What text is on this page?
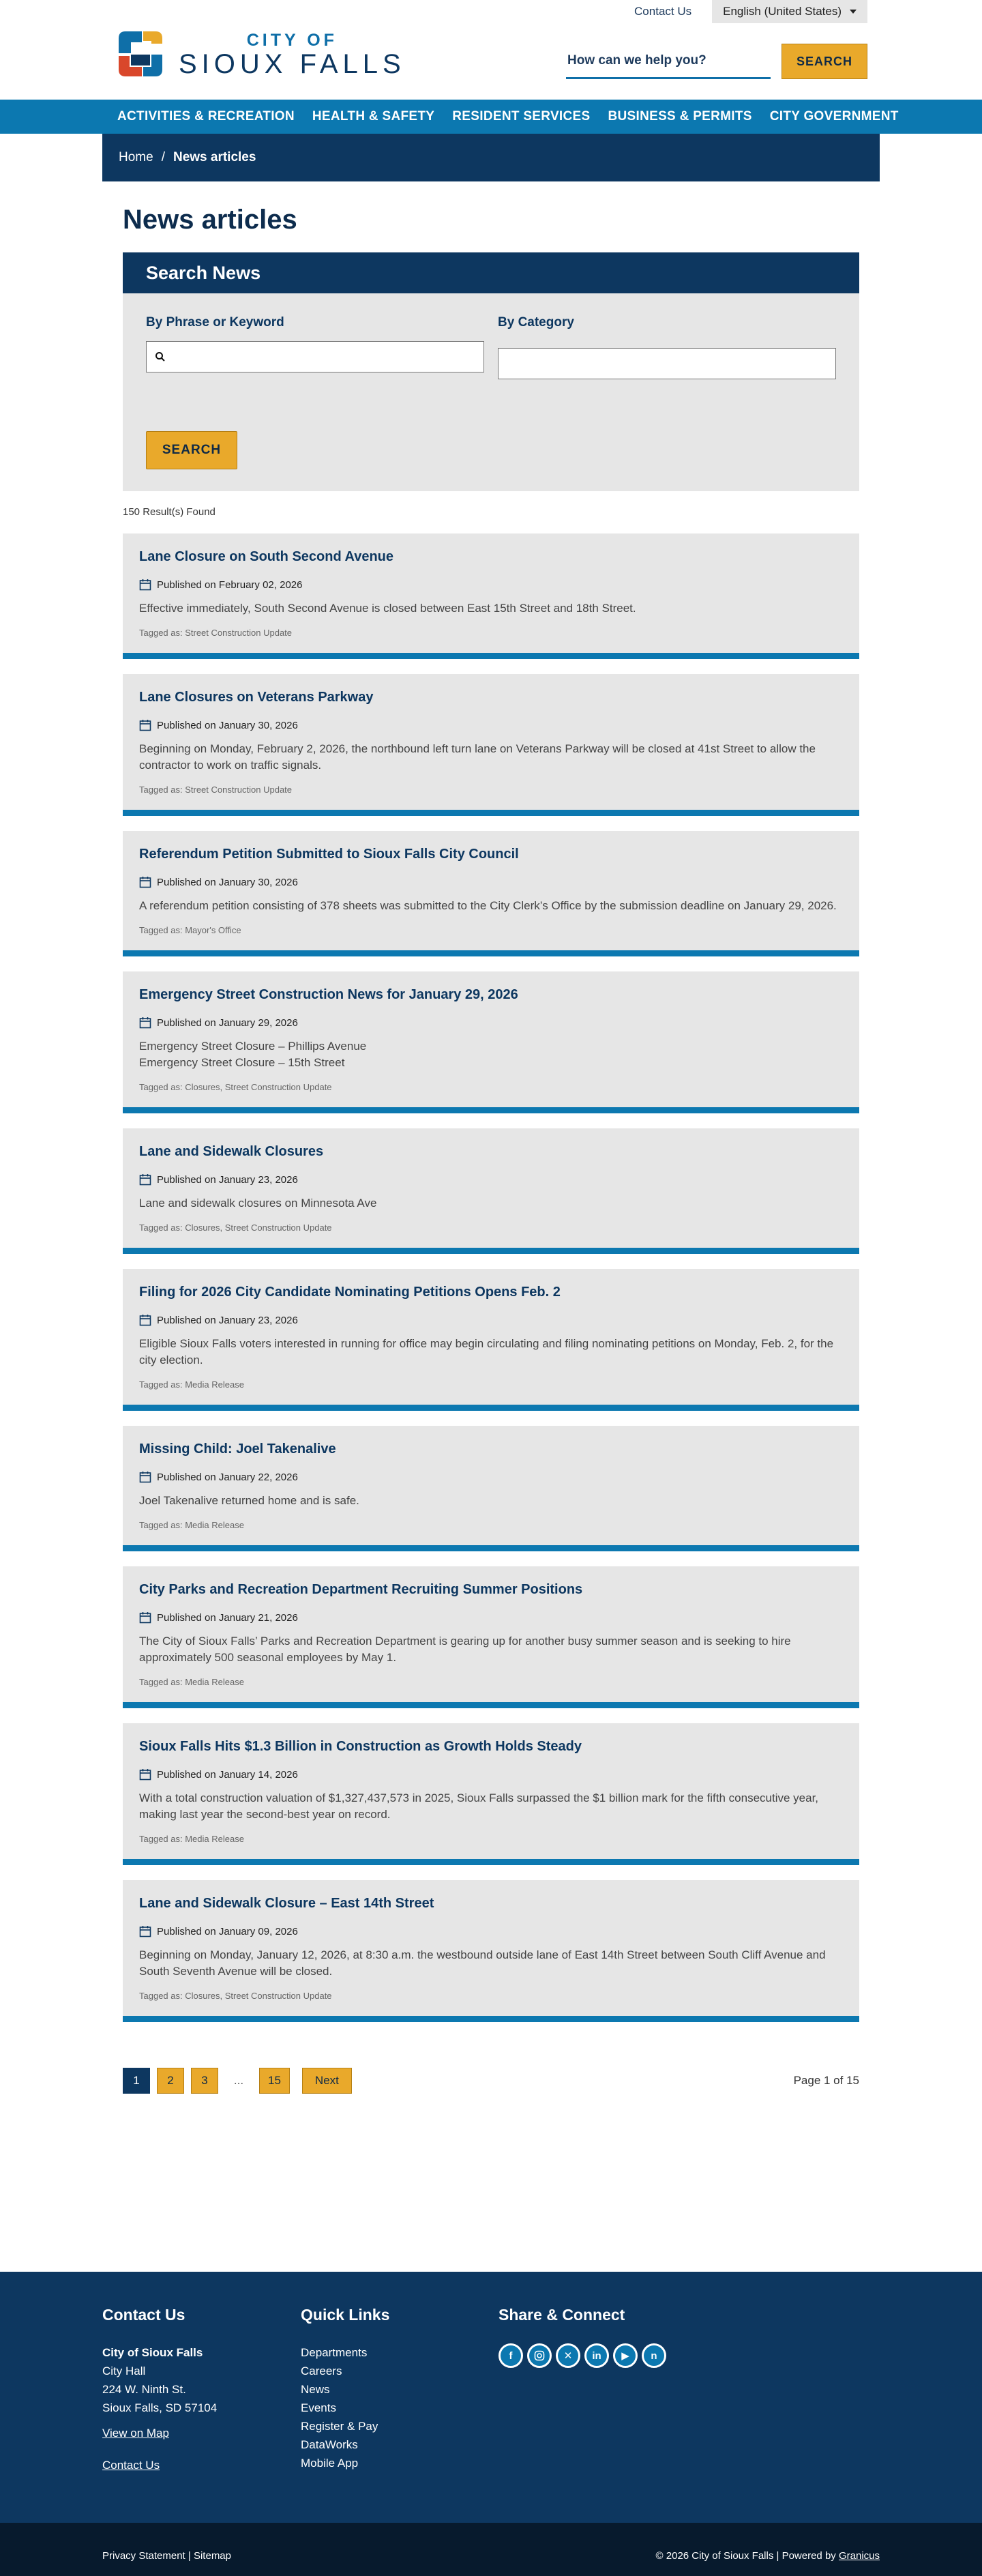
Contact Us	English (United States)
CITY OF
SIOUX FALLS	How can we help you?	SEARCH
ACTIVITIES & RECREATION HEALTH & SAFETY RESIDENT SERVICES BUSINESS & PERMITS CITY GOVERNMENT
Home / News articles
News articles
Search News
By Phrase or Keyword	By Category
SEARCH
150 Result(s) Found
Lane Closure on South Second Avenue
Published on February 02, 2026
Effective immediately, South Second Avenue is closed between East 15th Street and 18th Street.
Tagged as: Street Construction Update
Lane Closures on Veterans Parkway
Published on January 30, 2026
Beginning on Monday, February 2, 2026, the northbound left turn lane on Veterans Parkway will be closed at 41st Street to allow the contractor to work on traffic signals.
Tagged as: Street Construction Update
Referendum Petition Submitted to Sioux Falls City Council
Published on January 30, 2026
A referendum petition consisting of 378 sheets was submitted to the City Clerk’s Office by the submission deadline on January 29, 2026.
Tagged as: Mayor's Office
Emergency Street Construction News for January 29, 2026
Published on January 29, 2026
Emergency Street Closure – Phillips Avenue
Emergency Street Closure – 15th Street
Tagged as: Closures, Street Construction Update
Lane and Sidewalk Closures
Published on January 23, 2026
Lane and sidewalk closures on Minnesota Ave
Tagged as: Closures, Street Construction Update
Filing for 2026 City Candidate Nominating Petitions Opens Feb. 2
Published on January 23, 2026
Eligible Sioux Falls voters interested in running for office may begin circulating and filing nominating petitions on Monday, Feb. 2, for the city election.
Tagged as: Media Release
Missing Child: Joel Takenalive
Published on January 22, 2026
Joel Takenalive returned home and is safe.
Tagged as: Media Release
City Parks and Recreation Department Recruiting Summer Positions
Published on January 21, 2026
The City of Sioux Falls’ Parks and Recreation Department is gearing up for another busy summer season and is seeking to hire approximately 500 seasonal employees by May 1.
Tagged as: Media Release
Sioux Falls Hits $1.3 Billion in Construction as Growth Holds Steady
Published on January 14, 2026
With a total construction valuation of $1,327,437,573 in 2025, Sioux Falls surpassed the $1 billion mark for the fifth consecutive year, making last year the second-best year on record.
Tagged as: Media Release
Lane and Sidewalk Closure – East 14th Street
Published on January 09, 2026
Beginning on Monday, January 12, 2026, at 8:30 a.m. the westbound outside lane of East 14th Street between South Cliff Avenue and South Seventh Avenue will be closed.
Tagged as: Closures, Street Construction Update
1	2	3	...	15	Next	Page 1 of 15
Contact Us

City of Sioux Falls

City Hall

224 W. Ninth St.

Sioux Falls, SD 57104

View on Map
Contact Us
Quick Links
Departments
Careers
News
Events
Register & Pay
DataWorks
Mobile App
Share & Connect
f	✕	in	▶	n
Privacy Statement | Sitemap	© 2026 City of Sioux Falls | Powered by Granicus
